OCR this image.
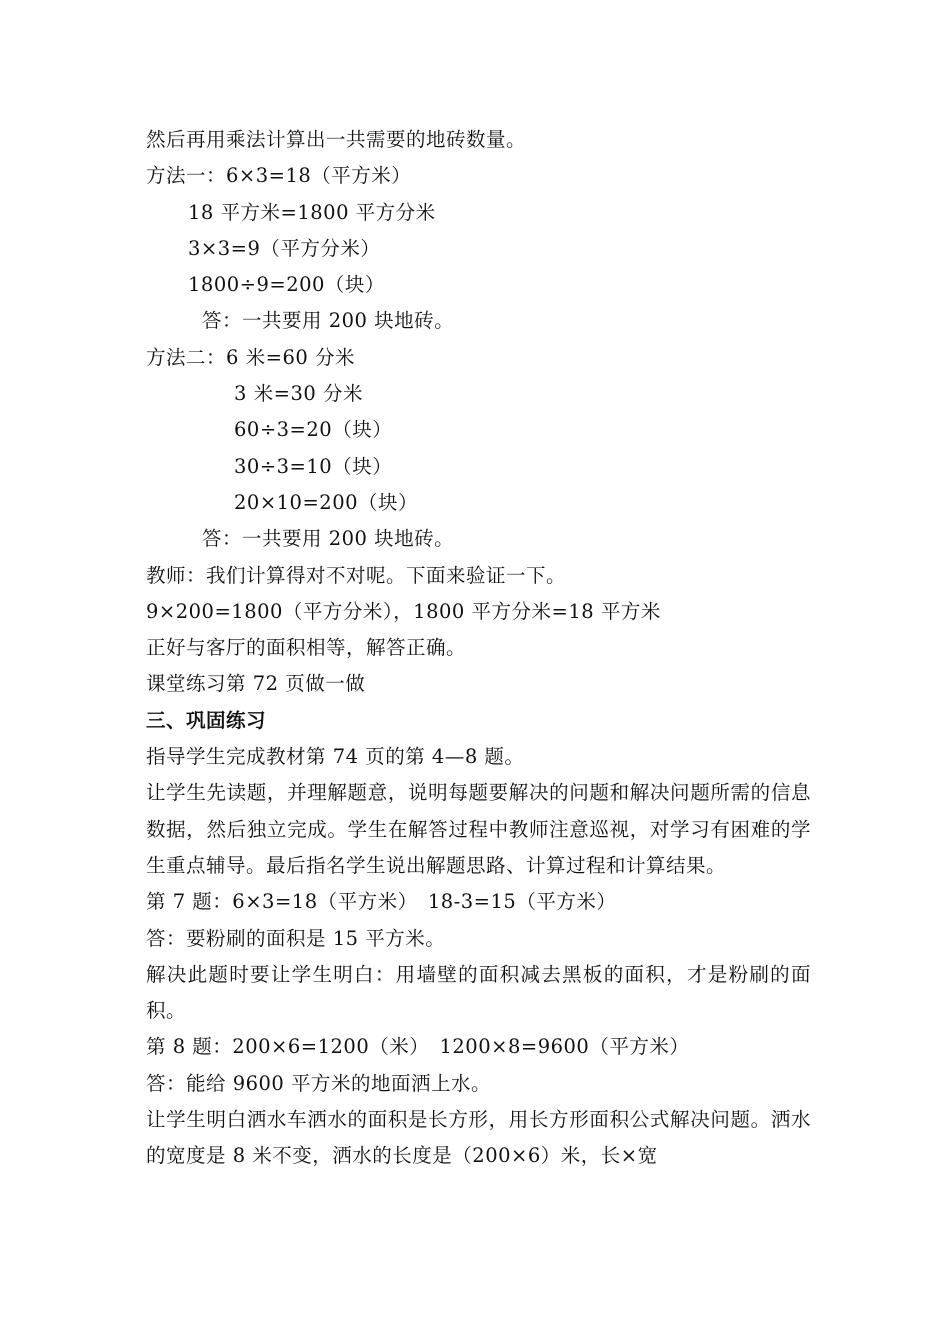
然后再用乘法计算出一共需要的地砖数量。
方法一：6×3=18（平方米）
18 平方米=1800 平方分米
3×3=9（平方分米）
1800÷9=200（块）
答：一共要用 200 块地砖。
方法二：6 米=60 分米
3 米=30 分米
60÷3=20（块）
30÷3=10（块）
20×10=200（块）
答：一共要用 200 块地砖。
教师：我们计算得对不对呢。下面来验证一下。
9×200=1800（平方分米），1800 平方分米=18 平方米
正好与客厅的面积相等，解答正确。
课堂练习第 72 页做一做
三、巩固练习
指导学生完成教材第 74 页的第 4—8 题。
让学生先读题，并理解题意，说明每题要解决的问题和解决问题所需的信息数据，然后独立完成。学生在解答过程中教师注意巡视，对学习有困难的学生重点辅导。最后指名学生说出解题思路、计算过程和计算结果。
第 7 题：6×3=18（平方米）　18-3=15（平方米）
答：要粉刷的面积是 15 平方米。
解决此题时要让学生明白：用墙壁的面积减去黑板的面积，才是粉刷的面积。
第 8 题：200×6=1200（米）　1200×8=9600（平方米）
答：能给 9600 平方米的地面洒上水。
让学生明白洒水车洒水的面积是长方形，用长方形面积公式解决问题。洒水的宽度是 8 米不变，洒水的长度是（200×6）米，长×宽
